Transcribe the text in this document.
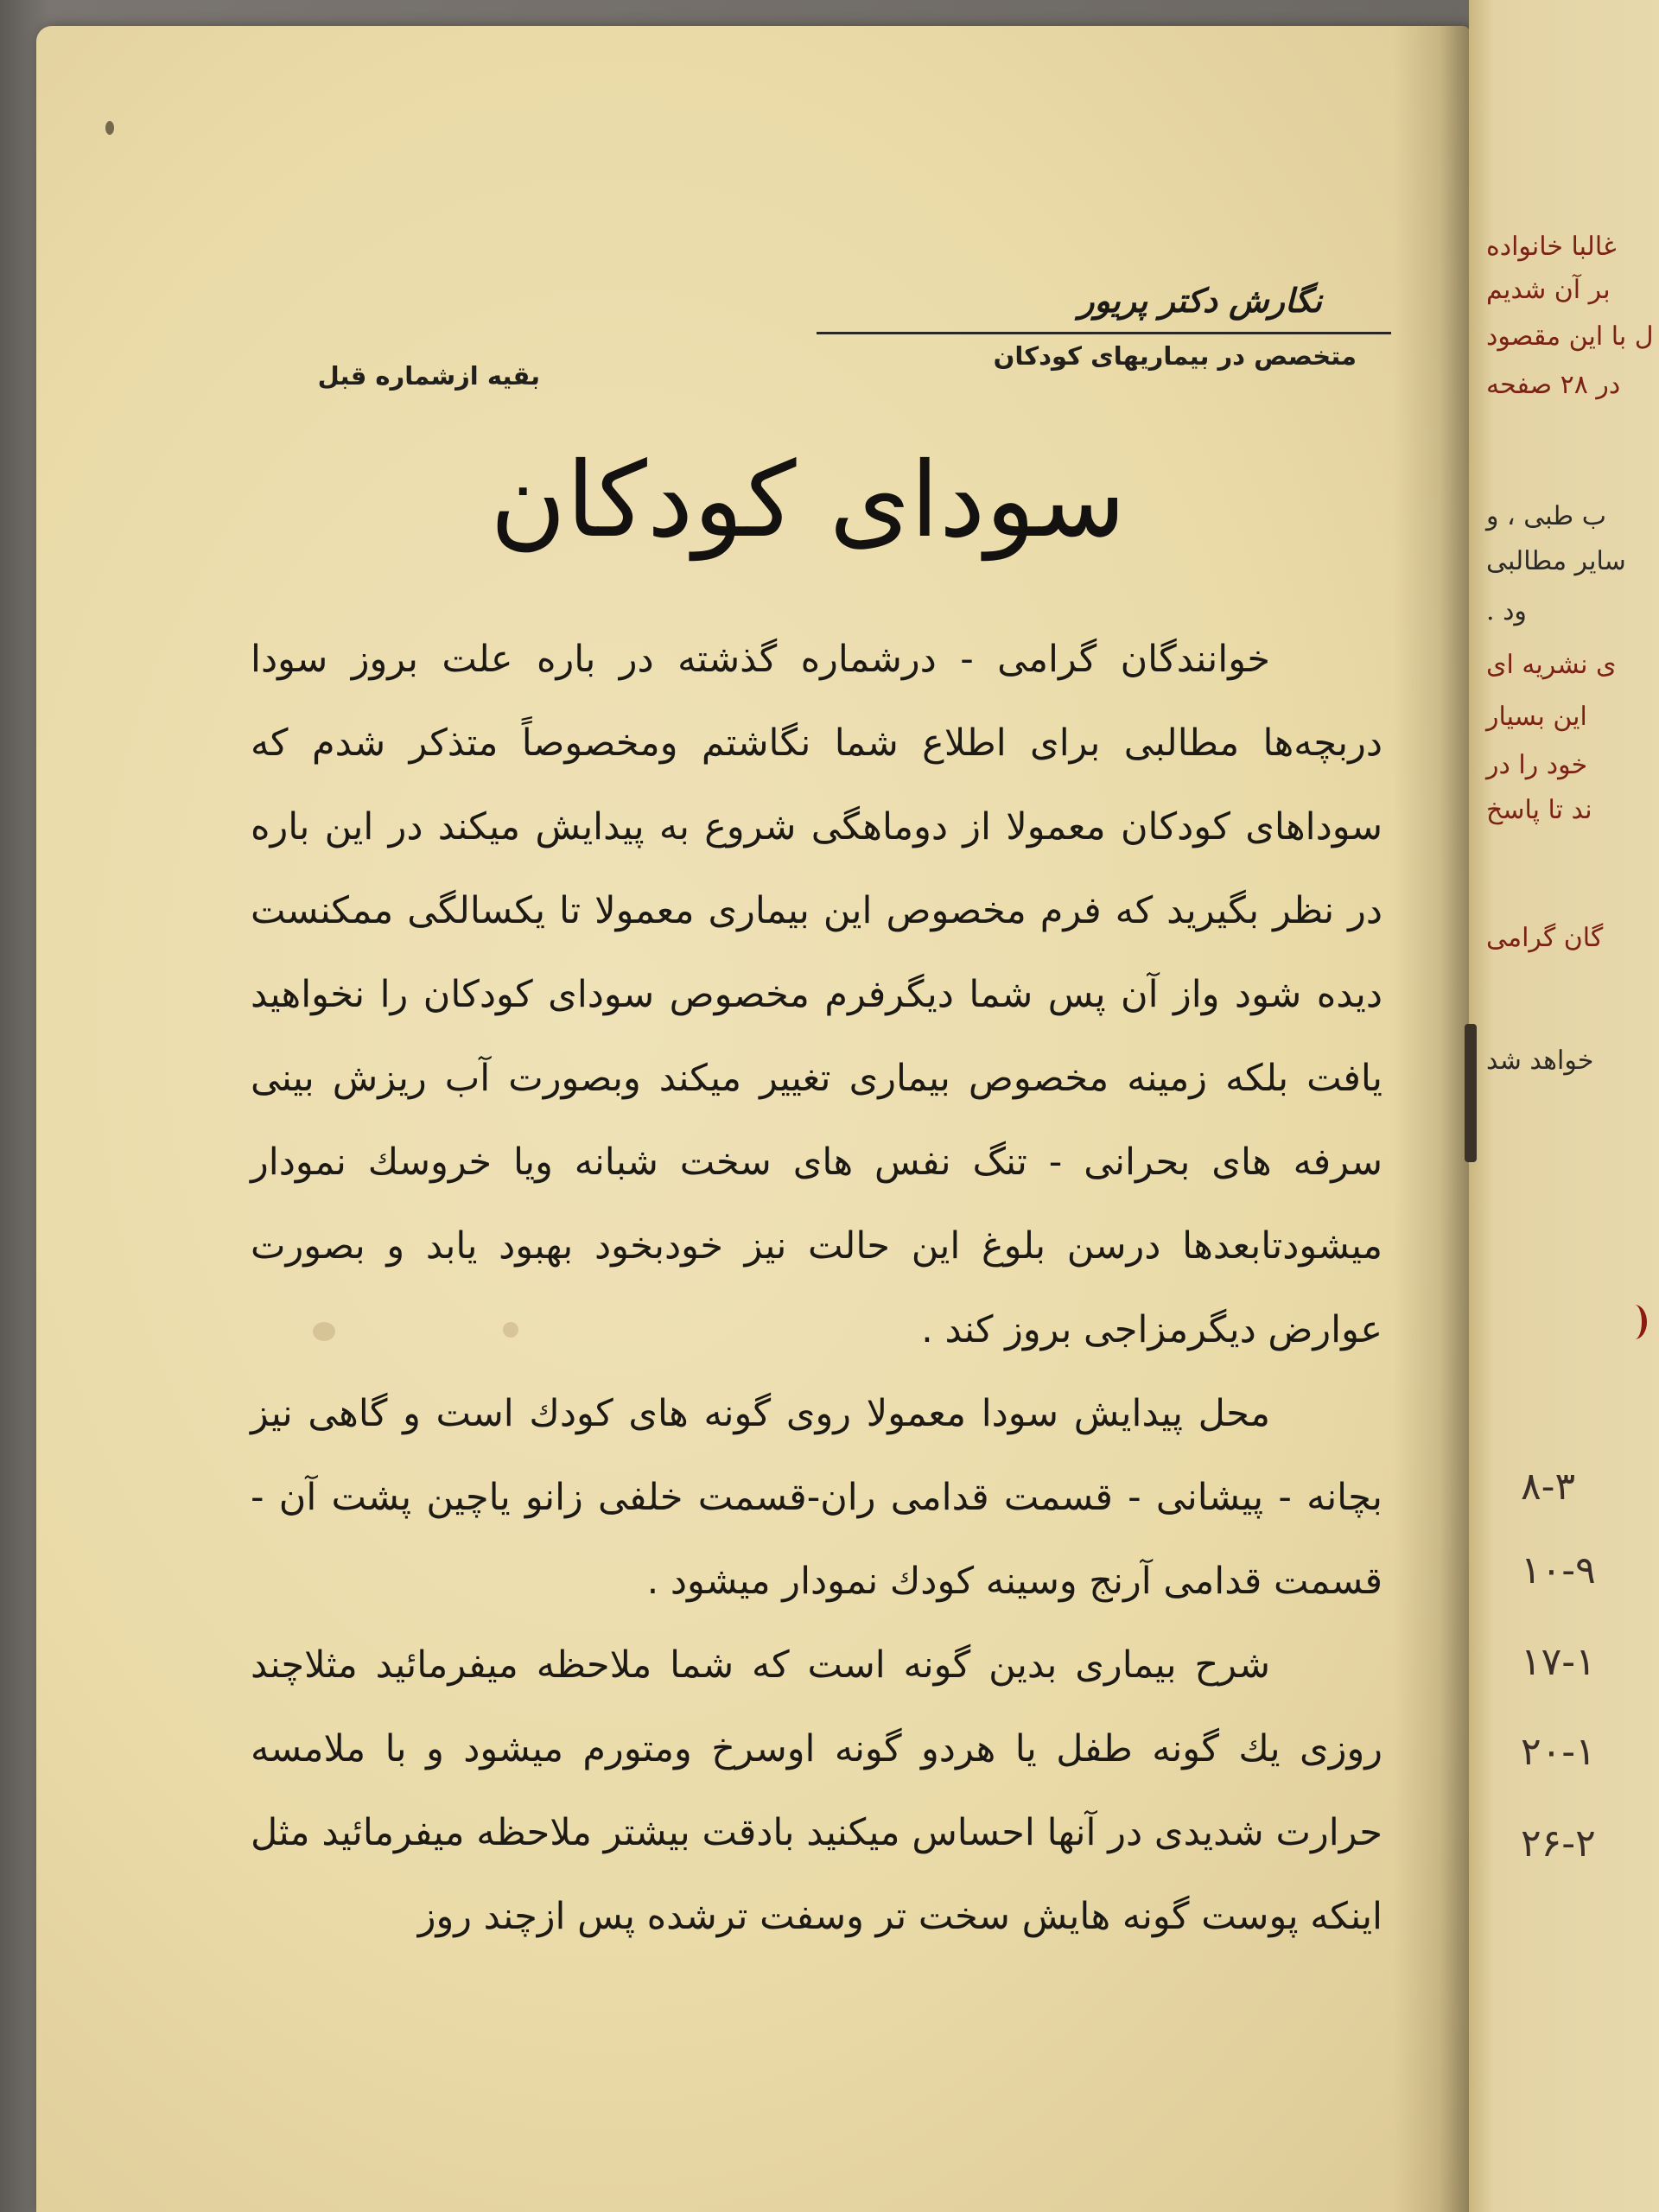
نگارش دکتر پریور
متخصص در بیماریهای کودکان
بقیه ازشماره قبل
سودای کودکان

خوانندگان گرامی - درشماره گذشته در باره علت بروز سودا دربچه‌ها مطالبی برای اطلاع شما نگاشتم ومخصوصاً متذکر شدم که سوداهای کودکان معمولا از دوماهگی شروع به پیدایش میکند در این باره در نظر بگیرید که فرم مخصوص این بیماری معمولا تا یکسالگی ممکنست دیده شود واز آن پس شما دیگرفرم مخصوص سودای کودکان را نخواهید یافت بلکه زمینه مخصوص بیماری تغییر میکند وبصورت آب ریزش بینی سرفه های بحرانی - تنگ نفس های سخت شبانه ویا خروسك نمودار میشودتابعدها درسن بلوغ این حالت نیز خودبخود بهبود یابد و بصورت عوارض دیگرمزاجی بروز کند .

محل پیدایش سودا معمولا روی گونه های کودك است و گاهی نیز بچانه - پیشانی - قسمت قدامی ران-قسمت خلفی زانو یاچین پشت آن - قسمت قدامی آرنج وسینه کودك نمودار میشود .

شرح بیماری بدین گونه است که شما ملاحظه میفرمائید مثلاچند روزی یك گونه طفل یا هردو گونه اوسرخ ومتورم میشود و با ملامسه حرارت شدیدی در آنها احساس میکنید بادقت بیشتر ملاحظه میفرمائید مثل اینکه پوست گونه هایش سخت تر وسفت ترشده پس ازچند روز

غالبا خانواده
بر آن شدیم
ل با این مقصود
در ۲۸ صفحه
ب طبی ، و
سایر مطالبی
ود .
ی نشریه ای
این بسیار
خود را در
ند تا پاسخ
گان گرامی
خواهد شد
۸-۳
۱۰-۹
۱۷-۱
۲۰-۱
۲۶-۲
